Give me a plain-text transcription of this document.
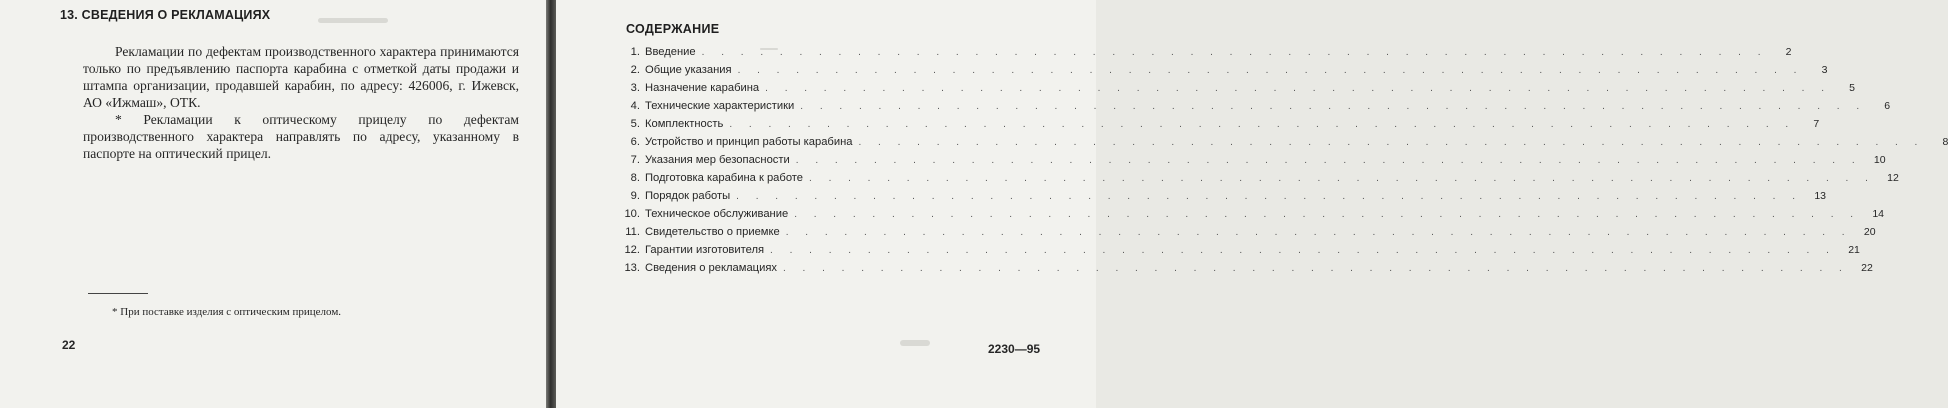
13. СВЕДЕНИЯ О РЕКЛАМАЦИЯХ

Рекламации по дефектам производственного характера принимаются только по предъявлению паспорта карабина с отметкой даты продажи и штампа организации, продавшей карабин, по адресу: 426006, г. Ижевск, АО «Ижмаш», ОТК.

* Рекламации к оптическому прицелу по дефектам производственного характера направлять по адресу, указанному в паспорте на оптический прицел.

* При поставке изделия с оптическим прицелом.

22

СОДЕРЖАНИЕ
1. Введение . . . . . . . . . . . . . . . . . . . . . . . . . . . . . . . . . . . . . . . . . . . . . . . . . . . . . . .	2
2. Общие указания . . . . . . . . . . . . . . . . . . . . . . . . . . . . . . . . . . . . . . . . . . . . . . . . . . . . . . .	3
3. Назначение карабина . . . . . . . . . . . . . . . . . . . . . . . . . . . . . . . . . . . . . . . . . . . . . . . . . . . . . . .	5
4. Технические характеристики . . . . . . . . . . . . . . . . . . . . . . . . . . . . . . . . . . . . . . . . . . . . . . . . . . . . . . .	6
5. Комплектность . . . . . . . . . . . . . . . . . . . . . . . . . . . . . . . . . . . . . . . . . . . . . . . . . . . . . . .	7
6. Устройство и принцип работы карабина . . . . . . . . . . . . . . . . . . . . . . . . . . . . . . . . . . . . . . . . . . . . . . . . . . . . . . .	8
7. Указания мер безопасности . . . . . . . . . . . . . . . . . . . . . . . . . . . . . . . . . . . . . . . . . . . . . . . . . . . . . . .	10
8. Подготовка карабина к работе . . . . . . . . . . . . . . . . . . . . . . . . . . . . . . . . . . . . . . . . . . . . . . . . . . . . . . .	12
9. Порядок работы . . . . . . . . . . . . . . . . . . . . . . . . . . . . . . . . . . . . . . . . . . . . . . . . . . . . . . .	13
10. Техническое обслуживание . . . . . . . . . . . . . . . . . . . . . . . . . . . . . . . . . . . . . . . . . . . . . . . . . . . . . . .	14
11. Свидетельство о приемке . . . . . . . . . . . . . . . . . . . . . . . . . . . . . . . . . . . . . . . . . . . . . . . . . . . . . . .	20
12. Гарантии изготовителя . . . . . . . . . . . . . . . . . . . . . . . . . . . . . . . . . . . . . . . . . . . . . . . . . . . . . . .	21
13. Сведения о рекламациях . . . . . . . . . . . . . . . . . . . . . . . . . . . . . . . . . . . . . . . . . . . . . . . . . . . . . . .	22

2230—95
